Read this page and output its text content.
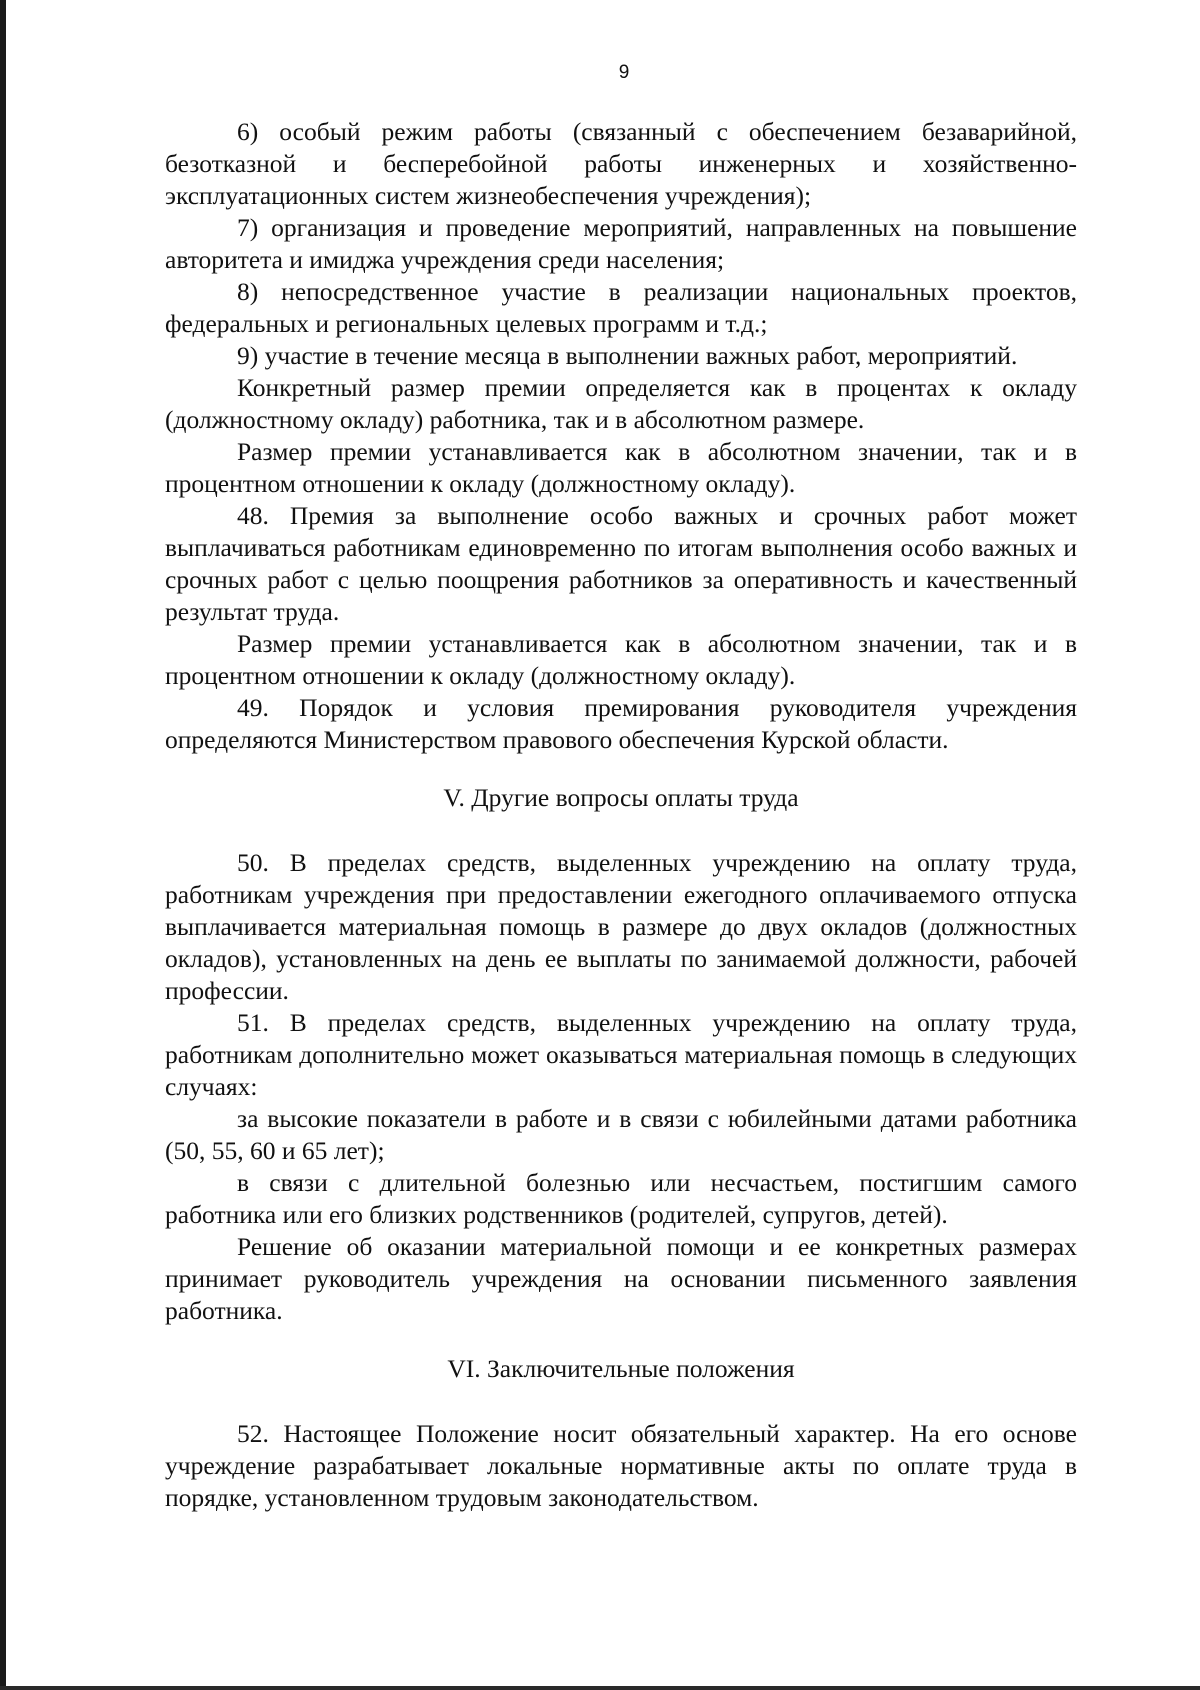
9

6) особый режим работы (связанный с обеспечением безаварийной, безотказной и бесперебойной работы инженерных и хозяйственно-эксплуатационных систем жизнеобеспечения учреждения);

7) организация и проведение мероприятий, направленных на повышение авторитета и имиджа учреждения среди населения;

8) непосредственное участие в реализации национальных проектов, федеральных и региональных целевых программ и т.д.;

9) участие в течение месяца в выполнении важных работ, мероприятий.

Конкретный размер премии определяется как в процентах к окладу (должностному окладу) работника, так и в абсолютном размере.

Размер премии устанавливается как в абсолютном значении, так и в процентном отношении к окладу (должностному окладу).

48. Премия за выполнение особо важных и срочных работ может выплачиваться работникам единовременно по итогам выполнения особо важных и срочных работ с целью поощрения работников за оперативность и качественный результат труда.

Размер премии устанавливается как в абсолютном значении, так и в процентном отношении к окладу (должностному окладу).

49. Порядок и условия премирования руководителя учреждения определяются Министерством правового обеспечения Курской области.

V. Другие вопросы оплаты труда

50. В пределах средств, выделенных учреждению на оплату труда, работникам учреждения при предоставлении ежегодного оплачиваемого отпуска выплачивается материальная помощь в размере до двух окладов (должностных окладов), установленных на день ее выплаты по занимаемой должности, рабочей профессии.

51. В пределах средств, выделенных учреждению на оплату труда, работникам дополнительно может оказываться материальная помощь в следующих случаях:

за высокие показатели в работе и в связи с юбилейными датами работника (50, 55, 60 и 65 лет);

в связи с длительной болезнью или несчастьем, постигшим самого работника или его близких родственников (родителей, супругов, детей).

Решение об оказании материальной помощи и ее конкретных размерах принимает руководитель учреждения на основании письменного заявления работника.

VI. Заключительные положения

52. Настоящее Положение носит обязательный характер. На его основе учреждение разрабатывает локальные нормативные акты по оплате труда в порядке, установленном трудовым законодательством.
